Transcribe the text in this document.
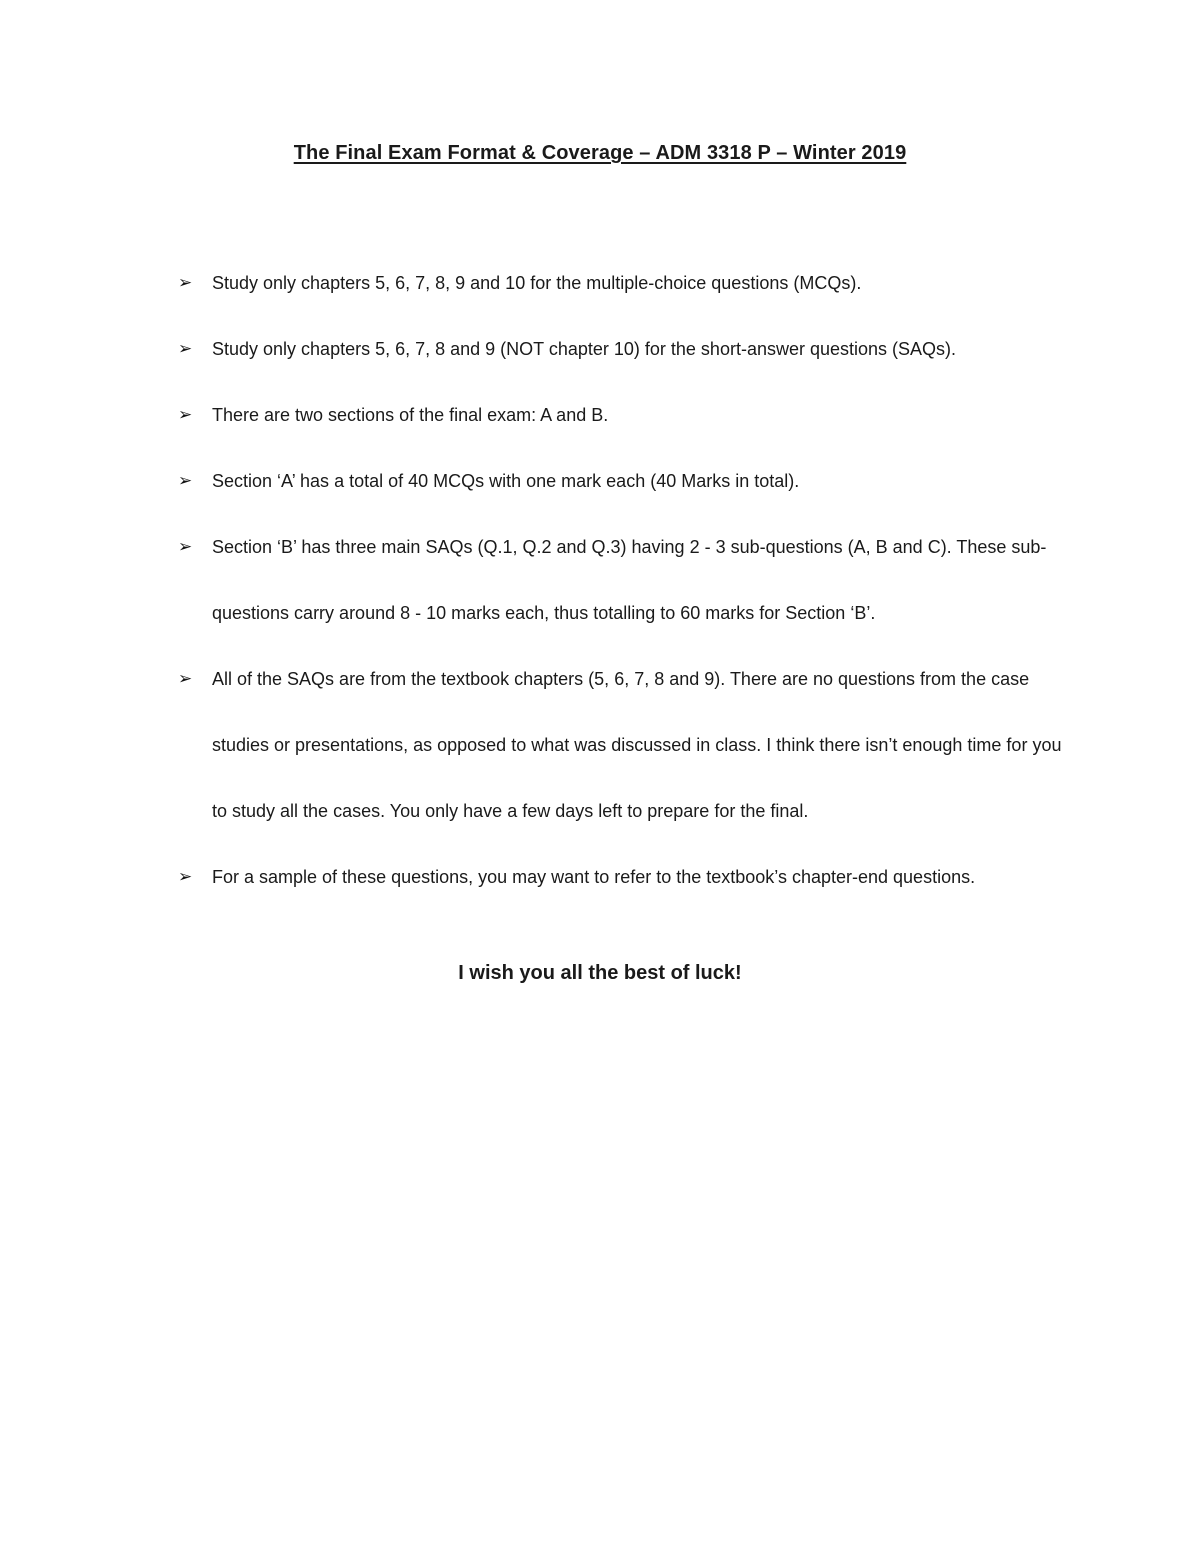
The Final Exam Format & Coverage – ADM 3318 P – Winter 2019
➢ Study only chapters 5, 6, 7, 8, 9 and 10 for the multiple-choice questions (MCQs).
➢ Study only chapters 5, 6, 7, 8 and 9 (NOT chapter 10) for the short-answer questions (SAQs).
➢ There are two sections of the final exam: A and B.
➢ Section ‘A’ has a total of 40 MCQs with one mark each (40 Marks in total).
➢ Section ‘B’ has three main SAQs (Q.1, Q.2 and Q.3) having 2 - 3 sub-questions (A, B and C). These sub-questions carry around 8 - 10 marks each, thus totalling to 60 marks for Section ‘B’.
➢ All of the SAQs are from the textbook chapters (5, 6, 7, 8 and 9). There are no questions from the case studies or presentations, as opposed to what was discussed in class. I think there isn’t enough time for you to study all the cases. You only have a few days left to prepare for the final.
➢ For a sample of these questions, you may want to refer to the textbook’s chapter-end questions.
I wish you all the best of luck!
